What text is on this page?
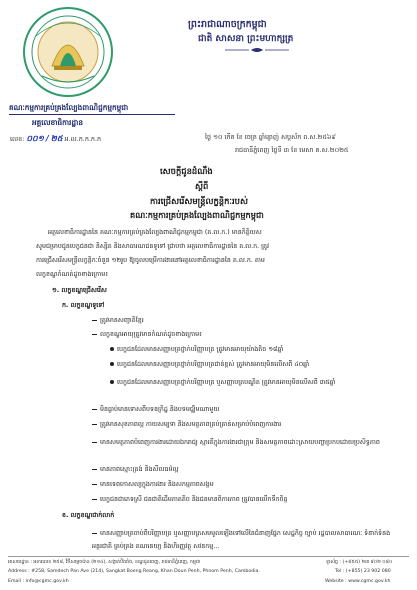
ព្រះរាជាណាចក្រកម្ពុជា
ជាតិ សាសនា ព្រះមហាក្សត្រ
គណៈកម្មការគ្រប់គ្រងល្បែងពាណិជ្ជកម្មកម្ពុជា
អគ្គលេខាធិការដ្ឋាន
លេខ: ០០១ / ២៥ អ.ល.ក.ក.ក.ក	ថ្ងៃ ១០ កើត ខែ ចេត្រ ឆ្នាំម្សាញ់ សប្តស័ក ព.ស.២៥៦៩
រាជធានីភ្នំពេញ ថ្ងៃទី ៣ ខែ មេសា គ.ស.២០២៥
សេចក្តីជូនដំណឹង
ស្តីពី
ការជ្រើសរើសមន្ត្រីលក្ខន្តិកៈរបស់
គណៈកម្មការគ្រប់គ្រងល្បែងពាណិជ្ជកម្មកម្ពុជា
អគ្គលេខាធិការដ្ឋាននៃ គណៈកម្មការគ្រប់គ្រងល្បែងពាណិជ្ជកម្មកម្ពុជា (គ.ល.ក.) មានកិត្តិយស
សូមជម្រាបជូនបេក្ខជនជា និស្សិត និងសាធារណជនទូទៅ ជ្រាបថា អគ្គលេខាធិការដ្ឋាននៃ គ.ល.ក. ត្រូវ
ការជ្រើសរើសមន្ត្រីលក្ខន្តិកៈចំនួន ១២រូប ឱ្យចូលបម្រើការងារនៅអគ្គលេខាធិការដ្ឋាននៃ គ.ល.ក. តាម
លក្ខខណ្ឌកំណត់ដូចខាងក្រោម៖
១. លក្ខខណ្ឌជ្រើសរើស
ក. លក្ខខណ្ឌទូទៅ
ត្រូវមានសញ្ជាតិខ្មែរ
លក្ខខណ្ឌអាយុត្រូវមានកំណត់ដូចខាងក្រោម៖
បេក្ខជនដែលមានសញ្ញាបត្រថ្នាក់បរិញ្ញាបត្រ ត្រូវមានអាយុយ៉ាងតិច ១៨ឆ្នាំ
បេក្ខជនដែលមានសញ្ញាបត្រថ្នាក់បរិញ្ញាបត្រជាន់ខ្ពស់ ត្រូវមានអាយុមិនលើសពី ៤០ឆ្នាំ
បេក្ខជនដែលមានសញ្ញាបត្រថ្នាក់បរិញ្ញាបត្រ ឬសញ្ញាបត្របណ្ឌិត ត្រូវមានអាយុមិនលើសពី ៣៥ឆ្នាំ
មិនធ្លាប់មានទោសពីបទឧក្រិដ្ឋ និងបទមជ្ឈិមណាមួយ
ត្រូវមានសុខភាពល្អ កាយសម្បទា និងសមត្ថភាពគ្រប់គ្រាន់សម្រាប់បំពេញការងារ
មានសមត្ថភាពបំពេញការងារដោយឯករាជ្យ ស្មារតីក្នុងការងារជាក្រុម និងសមត្ថភាពដោះស្រាយបញ្ហាប្រកបដោយប្រសិទ្ធភាព
មានភាពស្មោះត្រង់ និងសីលធម៌ល្អ
មានទេពកោសល្យក្នុងការងារ និងសកម្មភាពសង្គម
បេក្ខជនជាភេទស្រី ជនជាតិដើមភាគតិច និងជនមានពិការភាព ត្រូវបានលើកទឹកចិត្ត
ខ. លក្ខខណ្ឌជាក់លាក់
មានសញ្ញាបត្រចាប់ពីបរិញ្ញាបត្រ ឬសញ្ញាបត្រសមមូលឡើងទៅលើនៃជំនាញផ្នែក សេដ្ឋកិច្ច ច្បាប់ រដ្ឋបាលសាធារណៈ ទំនាក់ទំនងអន្តរជាតិ គ្រប់គ្រង គណនេយ្យ និងហិរញ្ញវត្ថុ សវនកម្ម...
អាសយដ្ឋាន : អគារលេខ ២៥៨, វិថីសម្តេចប៉ាន (២១៤), សង្កាត់បឹងរាំង, ខណ្ឌដូនពេញ, រាជធានីភ្នំពេញ, កម្ពុជា
Address : #258, Samdech Pan Ave (214), Sangkat Boeng Reang, Khan Doun Penh, Phnom Penh, Cambodia.
Email : info@cgmc.gov.kh
ទូរស័ព្ទ : (+៨៥៥) ២៣ ៩០២ ០៨០
Tel : (+855) 23 902 080
Website : www.cgmc.gov.kh
